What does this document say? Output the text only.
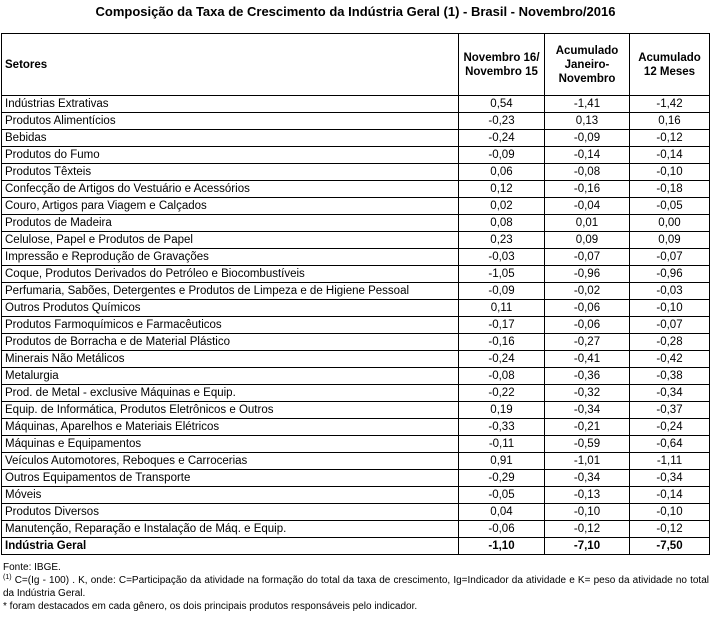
Composição da Taxa de Crescimento da Indústria Geral (1) - Brasil - Novembro/2016
Setores	Novembro 16/ Novembro 15	Acumulado Janeiro-Novembro	Acumulado 12 Meses
Indústrias Extrativas	0,54	-1,41	-1,42
Produtos Alimentícios	-0,23	0,13	0,16
Bebidas	-0,24	-0,09	-0,12
Produtos do Fumo	-0,09	-0,14	-0,14
Produtos Têxteis	0,06	-0,08	-0,10
Confecção de Artigos do Vestuário e Acessórios	0,12	-0,16	-0,18
Couro, Artigos para Viagem e Calçados	0,02	-0,04	-0,05
Produtos de Madeira	0,08	0,01	0,00
Celulose, Papel e Produtos de Papel	0,23	0,09	0,09
Impressão e Reprodução de Gravações	-0,03	-0,07	-0,07
Coque, Produtos Derivados do Petróleo e Biocombustíveis	-1,05	-0,96	-0,96
Perfumaria, Sabões, Detergentes e Produtos de Limpeza e de Higiene Pessoal	-0,09	-0,02	-0,03
Outros Produtos Químicos	0,11	-0,06	-0,10
Produtos Farmoquímicos e Farmacêuticos	-0,17	-0,06	-0,07
Produtos de Borracha e de Material Plástico	-0,16	-0,27	-0,28
Minerais Não Metálicos	-0,24	-0,41	-0,42
Metalurgia	-0,08	-0,36	-0,38
Prod. de Metal - exclusive Máquinas e Equip.	-0,22	-0,32	-0,34
Equip. de Informática, Produtos Eletrônicos e Outros	0,19	-0,34	-0,37
Máquinas, Aparelhos e Materiais Elétricos	-0,33	-0,21	-0,24
Máquinas e Equipamentos	-0,11	-0,59	-0,64
Veículos Automotores, Reboques e Carrocerias	0,91	-1,01	-1,11
Outros Equipamentos de Transporte	-0,29	-0,34	-0,34
Móveis	-0,05	-0,13	-0,14
Produtos Diversos	0,04	-0,10	-0,10
Manutenção, Reparação e Instalação de Máq. e Equip.	-0,06	-0,12	-0,12
Indústria Geral	-1,10	-7,10	-7,50

Fonte: IBGE.

$^{(1)}$ C=(Ig - 100) . K, onde: C=Participação da atividade na formação do total da taxa de crescimento, Ig=Indicador da atividade e K= peso da atividade no total da Indústria Geral.

* foram destacados em cada gênero, os dois principais produtos responsáveis pelo indicador.
